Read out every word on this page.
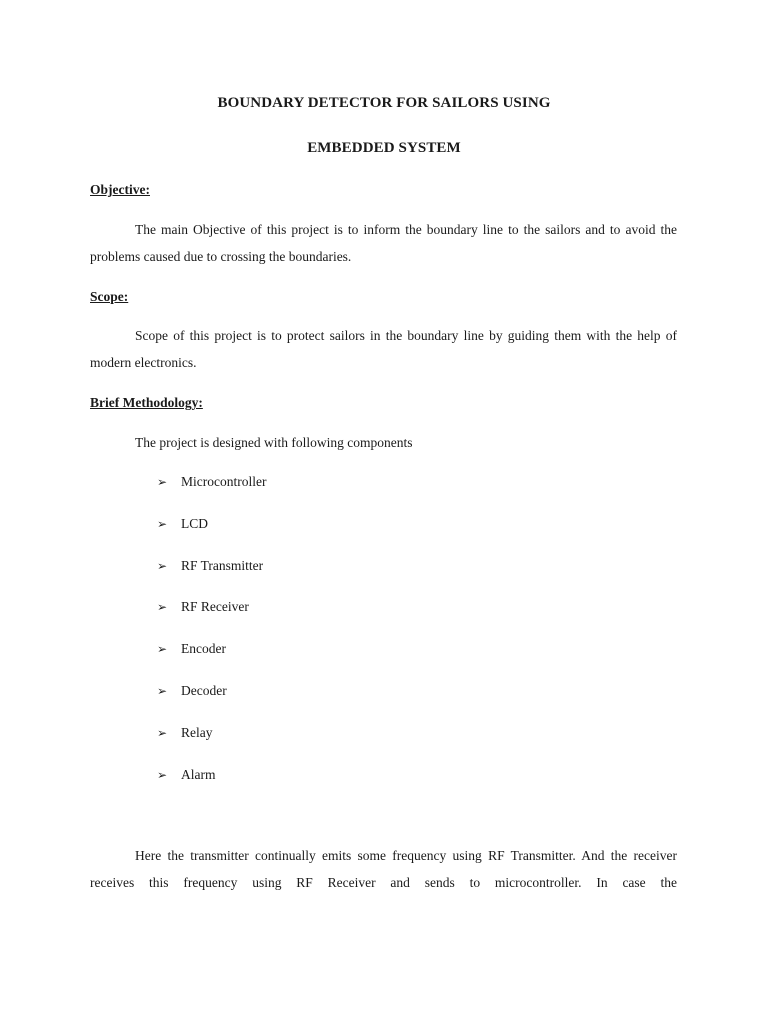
BOUNDARY DETECTOR FOR SAILORS USING
EMBEDDED SYSTEM
Objective:
The main Objective of this project is to inform the boundary line to the sailors and to avoid the problems caused due to crossing the boundaries.
Scope:
Scope of this project is to protect sailors in the boundary line by guiding them with the help of modern electronics.
Brief Methodology:
The project is designed with following components
➢	Microcontroller
➢	LCD
➢	RF Transmitter
➢	RF Receiver
➢	Encoder
➢	Decoder
➢	Relay
➢	Alarm
Here the transmitter continually emits some frequency using RF Transmitter. And the receiver receives this frequency using RF Receiver and sends to microcontroller. In case the
